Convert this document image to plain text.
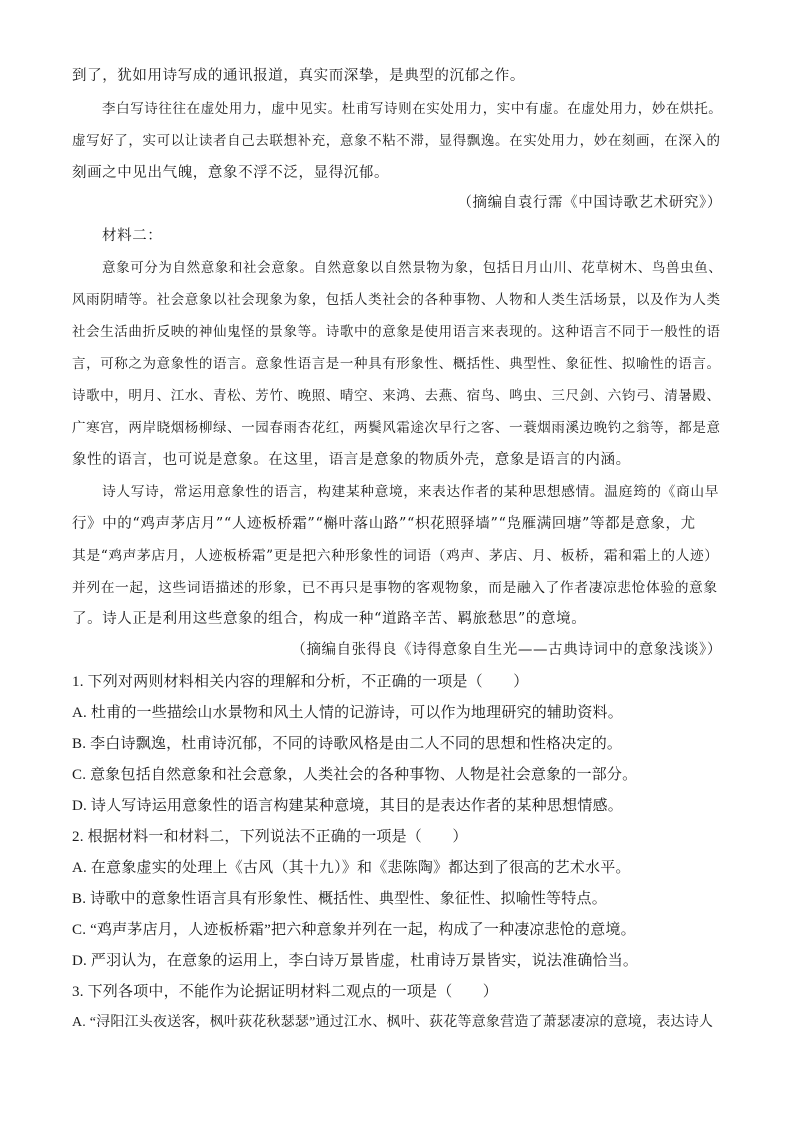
到了，犹如用诗写成的通讯报道，真实而深挚，是典型的沉郁之作。
李白写诗往往在虚处用力，虚中见实。杜甫写诗则在实处用力，实中有虚。在虚处用力，妙在烘托。
虚写好了，实可以让读者自己去联想补充，意象不粘不滞，显得飘逸。在实处用力，妙在刻画，在深入的
刻画之中见出气魄，意象不浮不泛，显得沉郁。
（摘编自袁行霈《中国诗歌艺术研究》）
材料二：
意象可分为自然意象和社会意象。自然意象以自然景物为象，包括日月山川、花草树木、鸟兽虫鱼、
风雨阴晴等。社会意象以社会现象为象，包括人类社会的各种事物、人物和人类生活场景，以及作为人类
社会生活曲折反映的神仙鬼怪的景象等。诗歌中的意象是使用语言来表现的。这种语言不同于一般性的语
言，可称之为意象性的语言。意象性语言是一种具有形象性、概括性、典型性、象征性、拟喻性的语言。
诗歌中，明月、江水、青松、芳竹、晚照、晴空、来鸿、去燕、宿鸟、鸣虫、三尺剑、六钧弓、清暑殿、
广寒宫，两岸晓烟杨柳绿、一园春雨杏花红，两鬓风霜途次早行之客、一蓑烟雨溪边晚钓之翁等，都是意
象性的语言，也可说是意象。在这里，语言是意象的物质外壳，意象是语言的内涵。
诗人写诗，常运用意象性的语言，构建某种意境，来表达作者的某种思想感情。温庭筠的《商山早
行》中的“鸡声茅店月”“人迹板桥霜”“槲叶落山路”“枳花照驿墙”“凫雁满回塘”等都是意象，尤
其是“鸡声茅店月，人迹板桥霜”更是把六种形象性的词语（鸡声、茅店、月、板桥，霜和霜上的人迹）
并列在一起，这些词语描述的形象，已不再只是事物的客观物象，而是融入了作者凄凉悲怆体验的意象
了。诗人正是利用这些意象的组合，构成一种“道路辛苦、羁旅愁思”的意境。
（摘编自张得良《诗得意象自生光——古典诗词中的意象浅谈》）
1. 下列对两则材料相关内容的理解和分析，不正确的一项是（　　）
A. 杜甫的一些描绘山水景物和风土人情的记游诗，可以作为地理研究的辅助资料。
B. 李白诗飘逸，杜甫诗沉郁，不同的诗歌风格是由二人不同的思想和性格决定的。
C. 意象包括自然意象和社会意象，人类社会的各种事物、人物是社会意象的一部分。
D. 诗人写诗运用意象性的语言构建某种意境，其目的是表达作者的某种思想情感。
2. 根据材料一和材料二，下列说法不正确的一项是（　　）
A. 在意象虚实的处理上《古风（其十九）》和《悲陈陶》都达到了很高的艺术水平。
B. 诗歌中的意象性语言具有形象性、概括性、典型性、象征性、拟喻性等特点。
C. “鸡声茅店月，人迹板桥霜”把六种意象并列在一起，构成了一种凄凉悲怆的意境。
D. 严羽认为，在意象的运用上，李白诗万景皆虚，杜甫诗万景皆实，说法准确恰当。
3. 下列各项中，不能作为论据证明材料二观点的一项是（　　）
A. “浔阳江头夜送客，枫叶荻花秋瑟瑟”通过江水、枫叶、荻花等意象营造了萧瑟凄凉的意境，表达诗人
